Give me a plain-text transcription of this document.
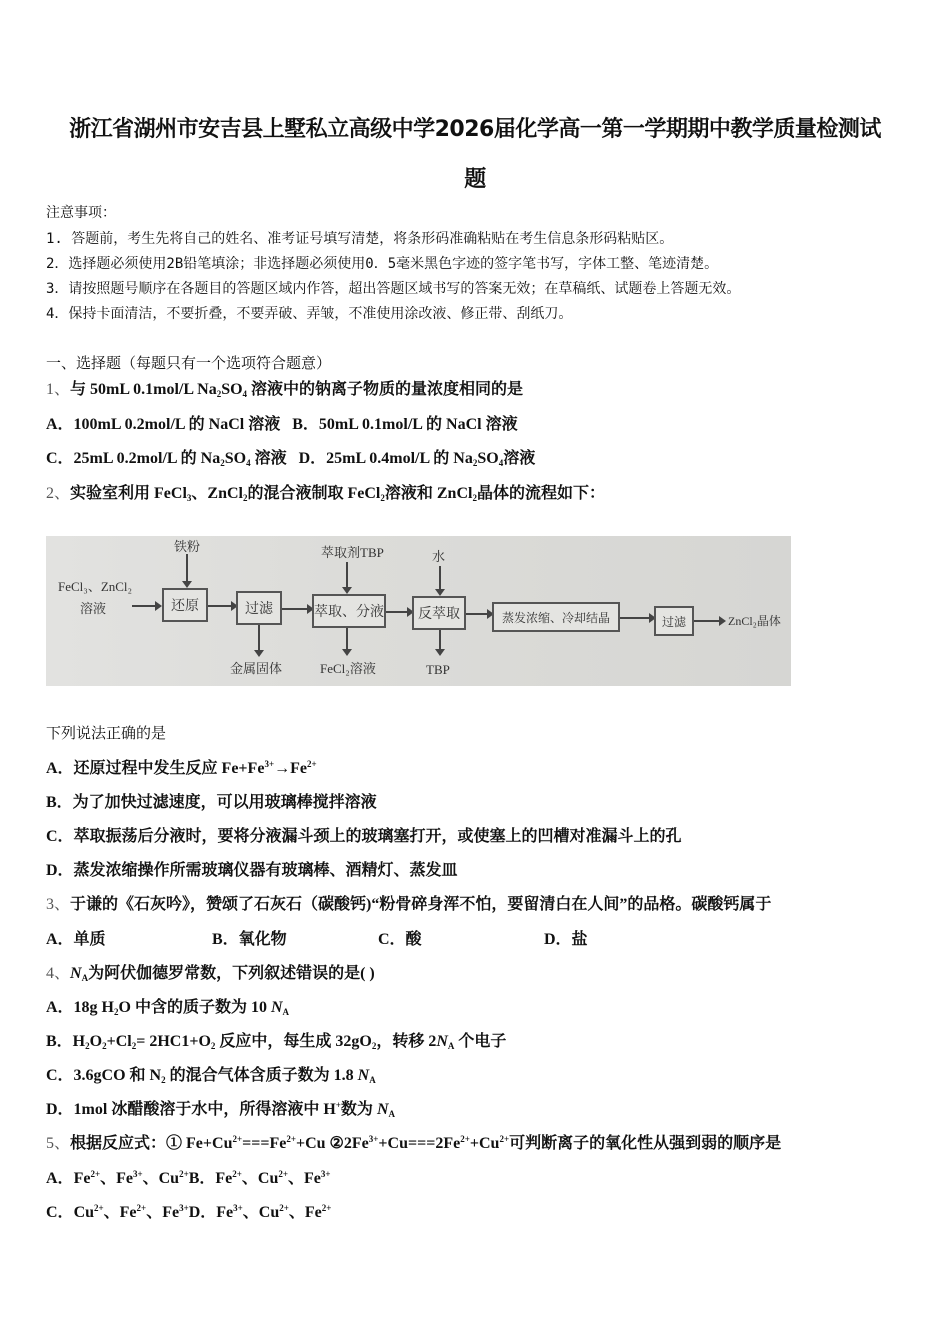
浙江省湖州市安吉县上墅私立高级中学2026届化学高一第一学期期中教学质量检测试
题
注意事项：
1. 答题前，考生先将自己的姓名、准考证号填写清楚，将条形码准确粘贴在考生信息条形码粘贴区。
2．选择题必须使用2B铅笔填涂；非选择题必须使用0．5毫米黑色字迹的签字笔书写，字体工整、笔迹清楚。
3．请按照题号顺序在各题目的答题区域内作答，超出答题区域书写的答案无效；在草稿纸、试题卷上答题无效。
4．保持卡面清洁，不要折叠，不要弄破、弄皱，不准使用涂改液、修正带、刮纸刀。
一、选择题（每题只有一个选项符合题意）
1、与 50mL 0.1mol/L $Na_2SO_4$ 溶液中的钠离子物质的量浓度相同的是
A．100mL 0.2mol/L 的 NaCl 溶液 B．50mL 0.1mol/L 的 NaCl 溶液
C．25mL 0.2mol/L 的 $Na_2SO_4$ 溶液 D．25mL 0.4mol/L 的 $Na_2SO_4$溶液
2、实验室利用 FeCl$_3$、ZnCl$_2$的混合液制取 FeCl$_2$溶液和 ZnCl$_2$晶体的流程如下：
FeCl₃、ZnCl₂
溶液
铁粉
还原	过滤
金属固体
萃取剂TBP
萃取、分液
FeCl₂溶液
水
反萃取
TBP
蒸发浓缩、冷却结晶	过滤	ZnCl₂晶体
下列说法正确的是
A．还原过程中发生反应 $Fe+Fe^{3+}\to Fe^{2+}$
B．为了加快过滤速度，可以用玻璃棒搅拌溶液
C．萃取振荡后分液时，要将分液漏斗颈上的玻璃塞打开，或使塞上的凹槽对准漏斗上的孔
D．蒸发浓缩操作所需玻璃仪器有玻璃棒、酒精灯、蒸发皿
3、于谦的《石灰吟》，赞颂了石灰石（碳酸钙)“粉骨碎身浑不怕，要留清白在人间”的品格。碳酸钙属于
A．单质	B．氧化物	C．酸	D．盐
4、$N_A$为阿伏伽德罗常数，下列叙述错误的是( )
A．18g $H_2O$ 中含的质子数为 10 $N_A$
B．$H_2O_2+Cl_2= 2HC1+O_2$ 反应中，每生成 $32gO_2$，转移 $2N_A$ 个电子
C．3.6gCO 和 $N_2$ 的混合气体含质子数为 1.8 $N_A$
D．1mol 冰醋酸溶于水中，所得溶液中 H+数为 $N_A$
5、根据反应式：① $Fe+Cu^{2+}===Fe^{2+}+Cu$ $②2Fe^{3+}+Cu===2Fe^{2+}+Cu^{2+}$可判断离子的氧化性从强到弱的顺序是
A．$Fe^{2+}$、$Fe^{3+}$、$Cu^{2+}B$．$Fe^{2+}$、$Cu^{2+}$、$Fe^{3+}$
C．$Cu^{2+}$、$Fe^{2+}$、$Fe^{3+}D$．$Fe^{3+}$、$Cu^{2+}$、$Fe^{2+}$
